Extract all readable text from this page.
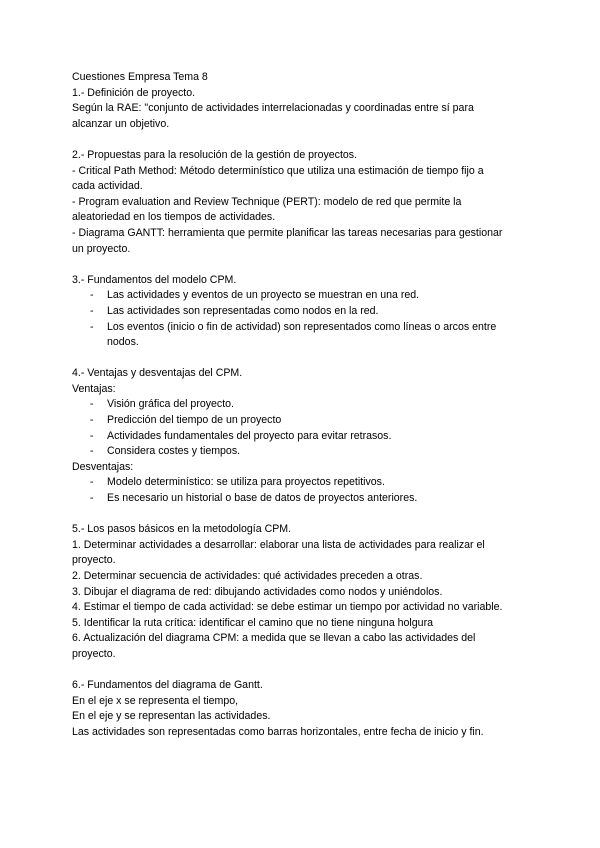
Cuestiones Empresa Tema 8
1.- Definición de proyecto.
Según la RAE: "conjunto de actividades interrelacionadas y coordinadas entre sí para
alcanzar un objetivo.
2.- Propuestas para la resolución de la gestión de proyectos.
- Critical Path Method: Método determinístico que utiliza una estimación de tiempo fijo a
cada actividad.
- Program evaluation and Review Technique (PERT): modelo de red que permite la
aleatoriedad en los tiempos de actividades.
- Diagrama GANTT: herramienta que permite planificar las tareas necesarias para gestionar
un proyecto.
3.- Fundamentos del modelo CPM.
- Las actividades y eventos de un proyecto se muestran en una red.
- Las actividades son representadas como nodos en la red.
- Los eventos (inicio o fin de actividad) son representados como líneas o arcos entre
nodos.
4.- Ventajas y desventajas del CPM.
Ventajas:
- Visión gráfica del proyecto.
- Predicción del tiempo de un proyecto
- Actividades fundamentales del proyecto para evitar retrasos.
- Considera costes y tiempos.
Desventajas:
- Modelo determinístico: se utiliza para proyectos repetitivos.
- Es necesario un historial o base de datos de proyectos anteriores.
5.- Los pasos básicos en la metodología CPM.
1. Determinar actividades a desarrollar: elaborar una lista de actividades para realizar el
proyecto.
2. Determinar secuencia de actividades: qué actividades preceden a otras.
3. Dibujar el diagrama de red: dibujando actividades como nodos y uniéndolos.
4. Estimar el tiempo de cada actividad: se debe estimar un tiempo por actividad no variable.
5. Identificar la ruta crítica: identificar el camino que no tiene ninguna holgura
6. Actualización del diagrama CPM: a medida que se llevan a cabo las actividades del
proyecto.
6.- Fundamentos del diagrama de Gantt.
En el eje x se representa el tiempo,
En el eje y se representan las actividades.
Las actividades son representadas como barras horizontales, entre fecha de inicio y fin.
